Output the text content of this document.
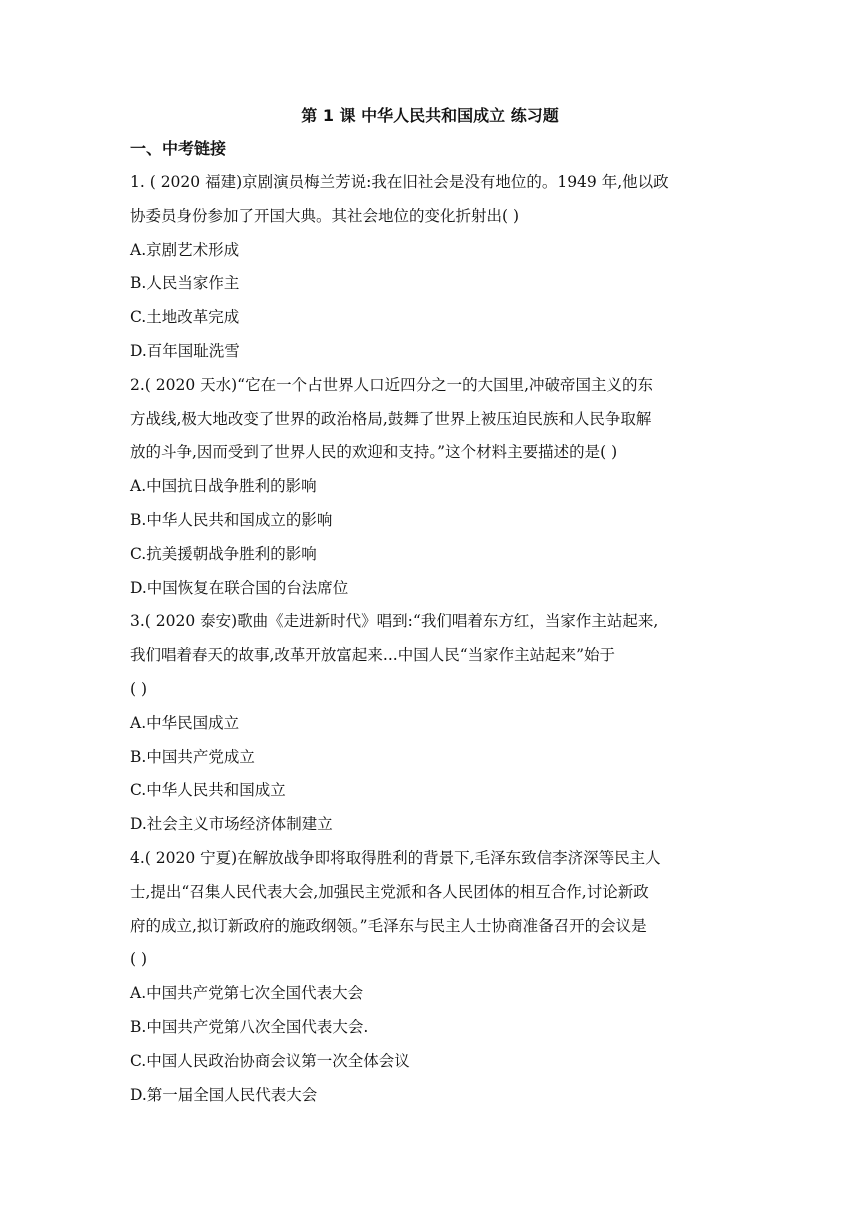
第 1 课 中华人民共和国成立 练习题
一、中考链接
1. ( 2020 福建)京剧演员梅兰芳说:我在旧社会是没有地位的。1949 年,他以政
协委员身份参加了开国大典。其社会地位的变化折射出( )
A.京剧艺术形成
B.人民当家作主
C.土地改革完成
D.百年国耻洗雪
2.( 2020 天水)“它在一个占世界人口近四分之一的大国里,冲破帝国主义的东
方战线,极大地改变了世界的政治格局,鼓舞了世界上被压迫民族和人民争取解
放的斗争,因而受到了世界人民的欢迎和支持。”这个材料主要描述的是( )
A.中国抗日战争胜利的影响
B.中华人民共和国成立的影响
C.抗美援朝战争胜利的影响
D.中国恢复在联合国的台法席位
3.( 2020 泰安)歌曲《走进新时代》唱到:“我们唱着东方红，当家作主站起来,
我们唱着春天的故事,改革开放富起来...中国人民“当家作主站起来”始于
( )
A.中华民国成立
B.中国共产党成立
C.中华人民共和国成立
D.社会主义市场经济体制建立
4.( 2020 宁夏)在解放战争即将取得胜利的背景下,毛泽东致信李济深等民主人
士,提出“召集人民代表大会,加强民主党派和各人民团体的相互合作,讨论新政
府的成立,拟订新政府的施政纲领。”毛泽东与民主人士协商准备召开的会议是
( )
A.中国共产党第七次全国代表大会
B.中国共产党第八次全国代表大会.
C.中国人民政治协商会议第一次全体会议
D.第一届全国人民代表大会
